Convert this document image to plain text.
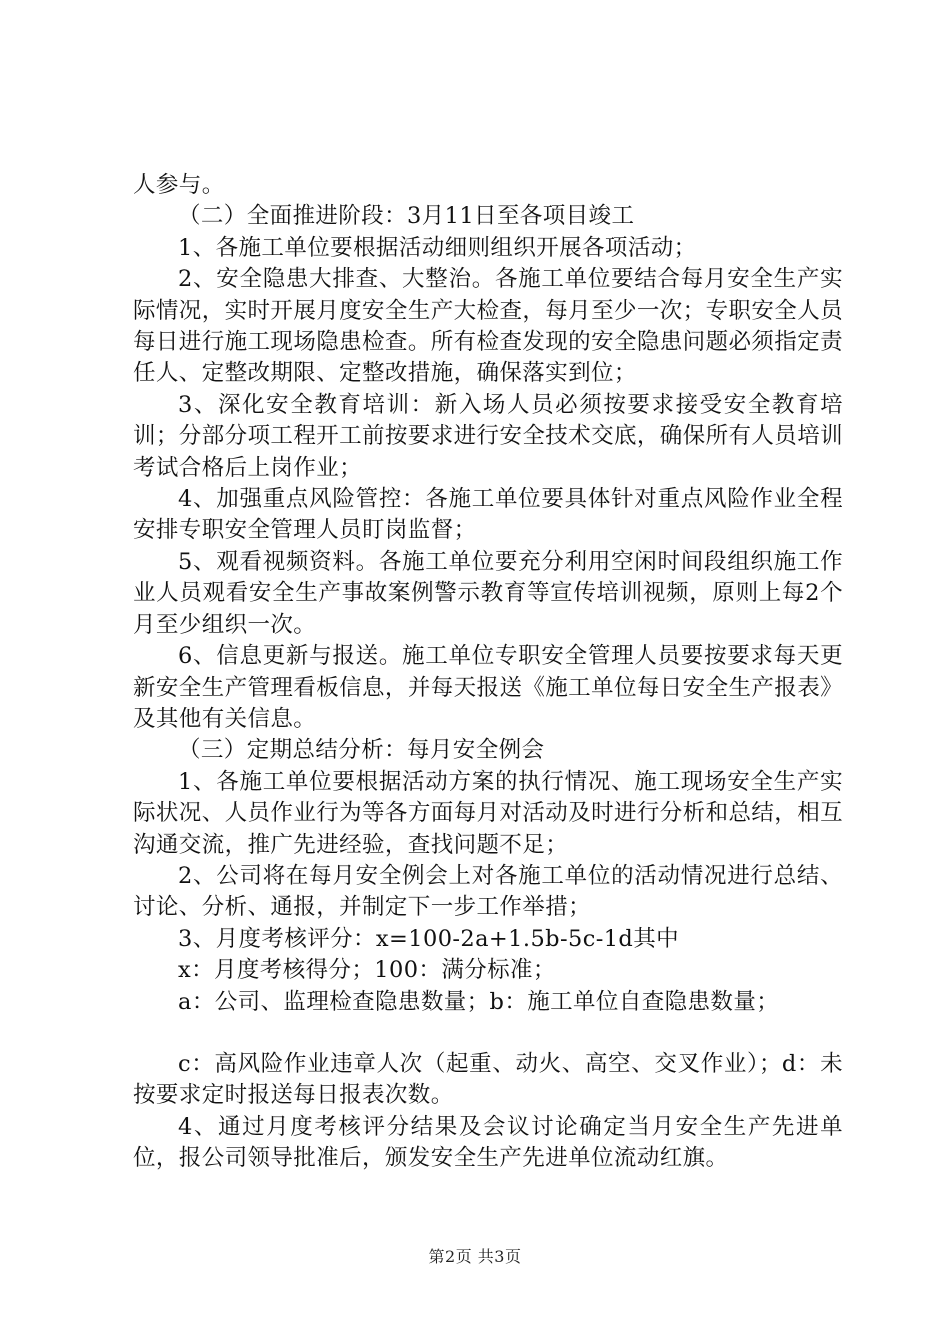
人参与。

（二）全面推进阶段：3月11日至各项目竣工

1、各施工单位要根据活动细则组织开展各项活动；

2、安全隐患大排查、大整治。各施工单位要结合每月安全生产实际情况，实时开展月度安全生产大检查，每月至少一次；专职安全人员每日进行施工现场隐患检查。所有检查发现的安全隐患问题必须指定责任人、定整改期限、定整改措施，确保落实到位；

3、深化安全教育培训：新入场人员必须按要求接受安全教育培训；分部分项工程开工前按要求进行安全技术交底，确保所有人员培训考试合格后上岗作业；

4、加强重点风险管控：各施工单位要具体针对重点风险作业全程安排专职安全管理人员盯岗监督；

5、观看视频资料。各施工单位要充分利用空闲时间段组织施工作业人员观看安全生产事故案例警示教育等宣传培训视频，原则上每2个月至少组织一次。

6、信息更新与报送。施工单位专职安全管理人员要按要求每天更新安全生产管理看板信息，并每天报送《施工单位每日安全生产报表》及其他有关信息。

（三）定期总结分析：每月安全例会

1、各施工单位要根据活动方案的执行情况、施工现场安全生产实际状况、人员作业行为等各方面每月对活动及时进行分析和总结，相互沟通交流，推广先进经验，查找问题不足；

2、公司将在每月安全例会上对各施工单位的活动情况进行总结、讨论、分析、通报，并制定下一步工作举措；

3、月度考核评分：x=100-2a+1.5b-5c-1d其中

x：月度考核得分；100：满分标准；

a：公司、监理检查隐患数量；b：施工单位自查隐患数量；

c：高风险作业违章人次（起重、动火、高空、交叉作业）；d：未按要求定时报送每日报表次数。

4、通过月度考核评分结果及会议讨论确定当月安全生产先进单位，报公司领导批准后，颁发安全生产先进单位流动红旗。

第2页 共3页
